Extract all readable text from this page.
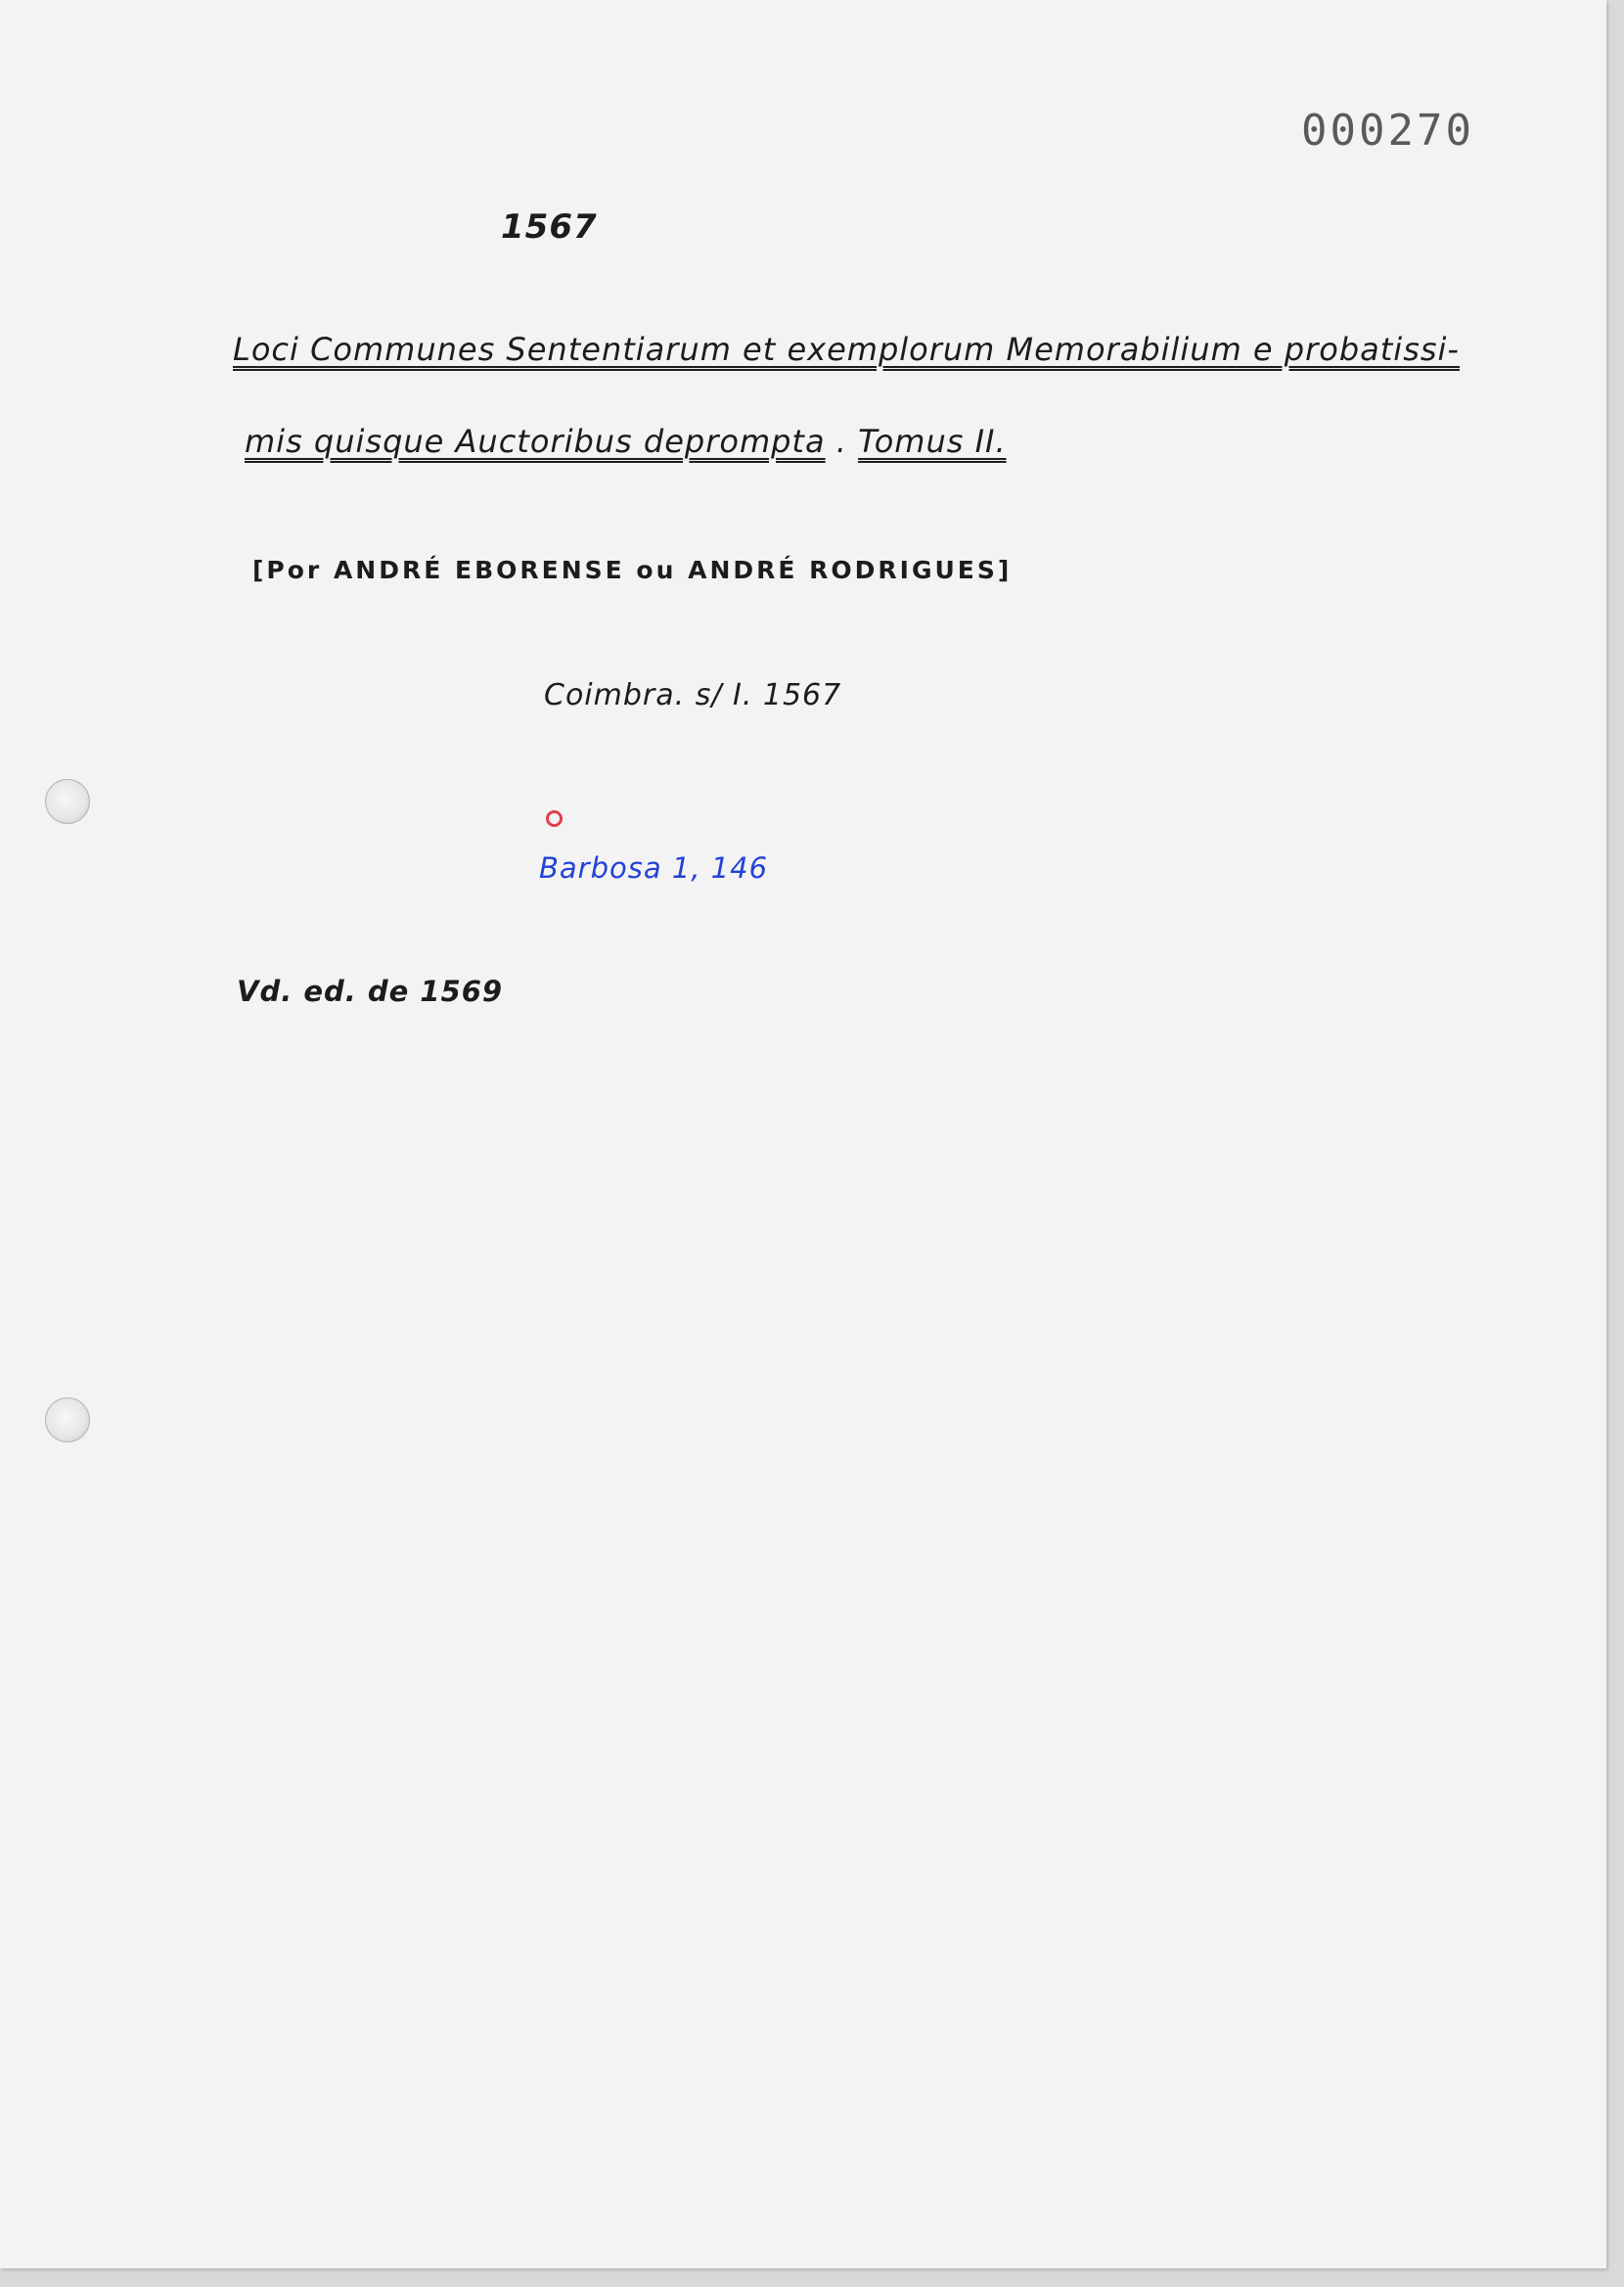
000270
1567
Loci Communes Sententiarum et exemplorum Memorabilium e probatissi-
mis quisque Auctoribus deprompta . Tomus II.
[Por ANDRÉ EBORENSE ou ANDRÉ RODRIGUES]
Coimbra. s/ I. 1567
Barbosa 1, 146
Vd. ed. de 1569
